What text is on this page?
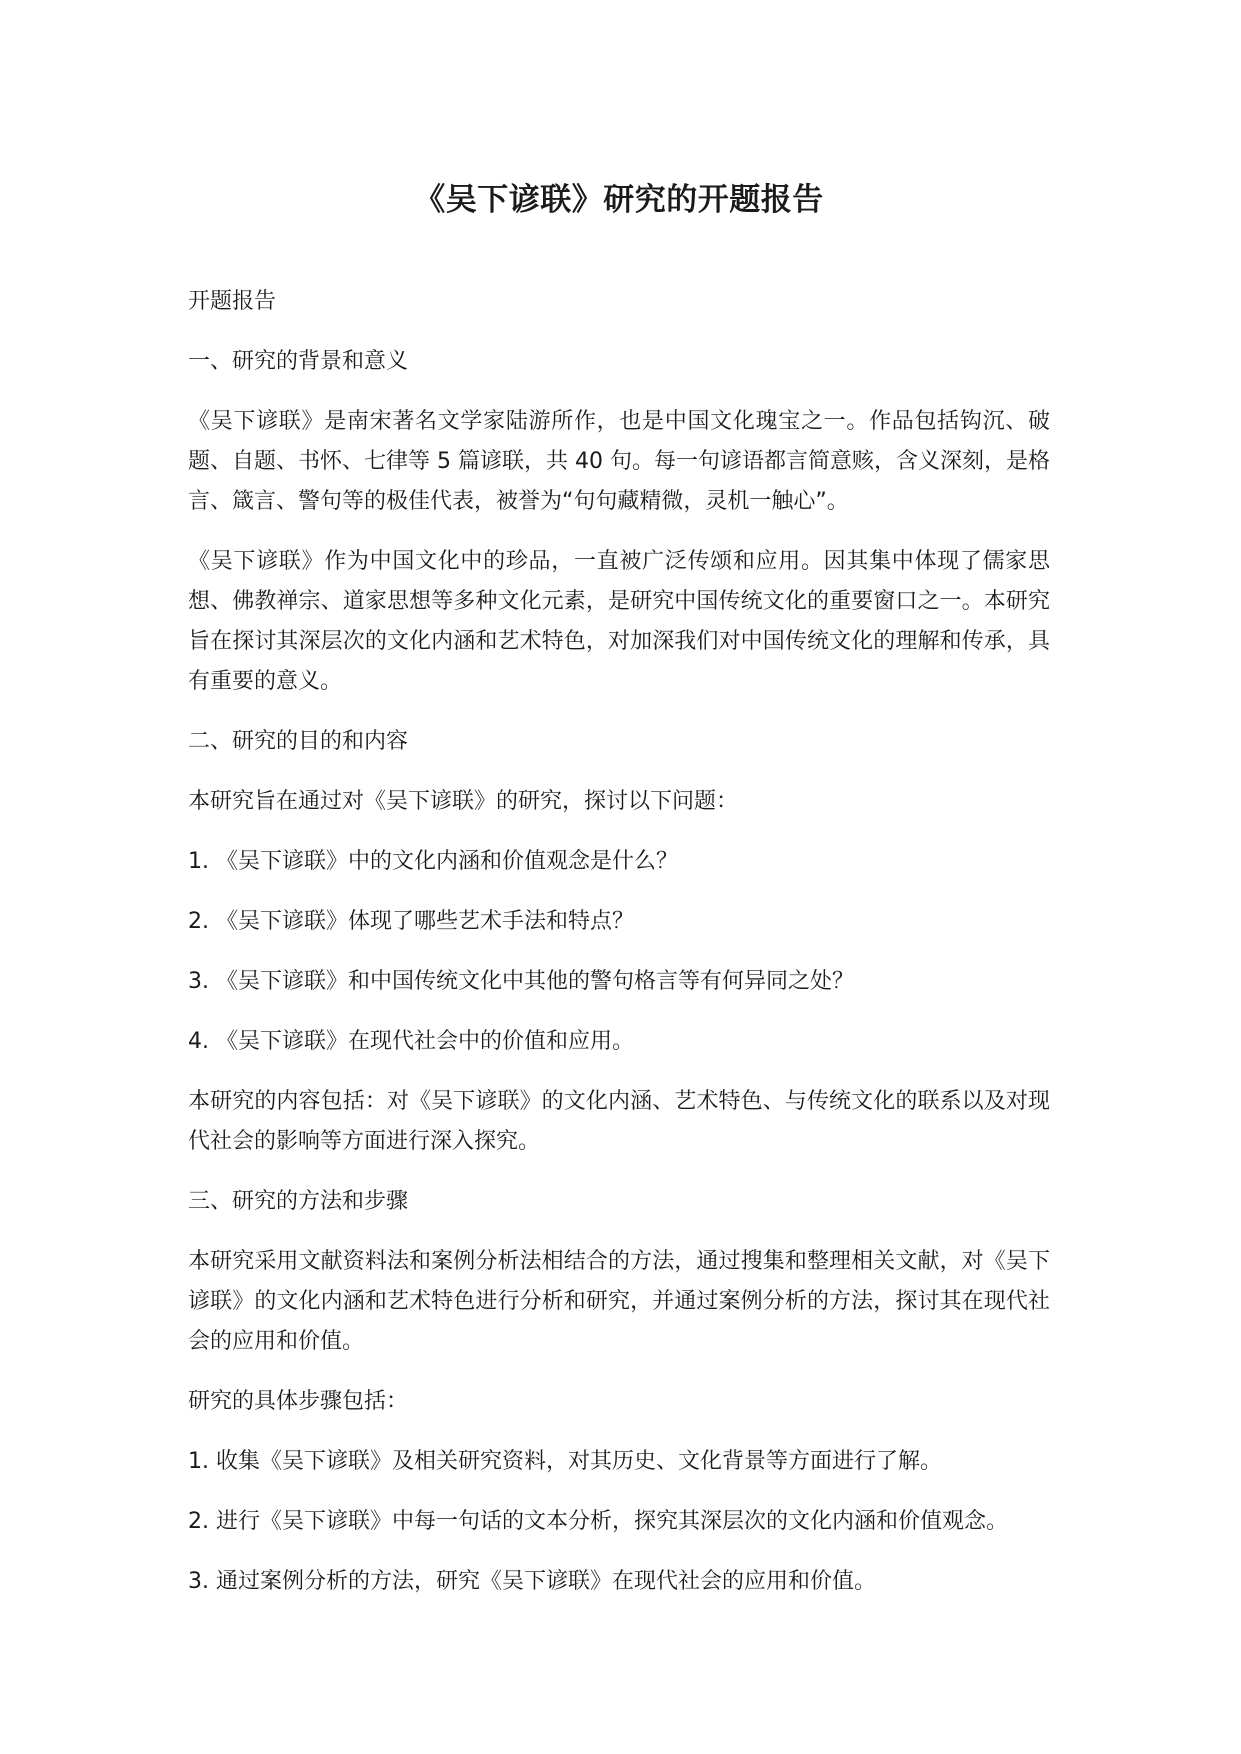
《吴下谚联》研究的开题报告

开题报告

一、研究的背景和意义

《吴下谚联》是南宋著名文学家陆游所作，也是中国文化瑰宝之一。作品包括钩沉、破题、自题、书怀、七律等 5 篇谚联，共 40 句。每一句谚语都言简意赅，含义深刻，是格言、箴言、警句等的极佳代表，被誉为“句句藏精微，灵机一触心”。

《吴下谚联》作为中国文化中的珍品，一直被广泛传颂和应用。因其集中体现了儒家思想、佛教禅宗、道家思想等多种文化元素，是研究中国传统文化的重要窗口之一。本研究旨在探讨其深层次的文化内涵和艺术特色，对加深我们对中国传统文化的理解和传承，具有重要的意义。

二、研究的目的和内容

本研究旨在通过对《吴下谚联》的研究，探讨以下问题：

1. 《吴下谚联》中的文化内涵和价值观念是什么？

2. 《吴下谚联》体现了哪些艺术手法和特点？

3. 《吴下谚联》和中国传统文化中其他的警句格言等有何异同之处？

4. 《吴下谚联》在现代社会中的价值和应用。

本研究的内容包括：对《吴下谚联》的文化内涵、艺术特色、与传统文化的联系以及对现代社会的影响等方面进行深入探究。

三、研究的方法和步骤

本研究采用文献资料法和案例分析法相结合的方法，通过搜集和整理相关文献，对《吴下谚联》的文化内涵和艺术特色进行分析和研究，并通过案例分析的方法，探讨其在现代社会的应用和价值。

研究的具体步骤包括：

1. 收集《吴下谚联》及相关研究资料，对其历史、文化背景等方面进行了解。

2. 进行《吴下谚联》中每一句话的文本分析，探究其深层次的文化内涵和价值观念。

3. 通过案例分析的方法，研究《吴下谚联》在现代社会的应用和价值。
